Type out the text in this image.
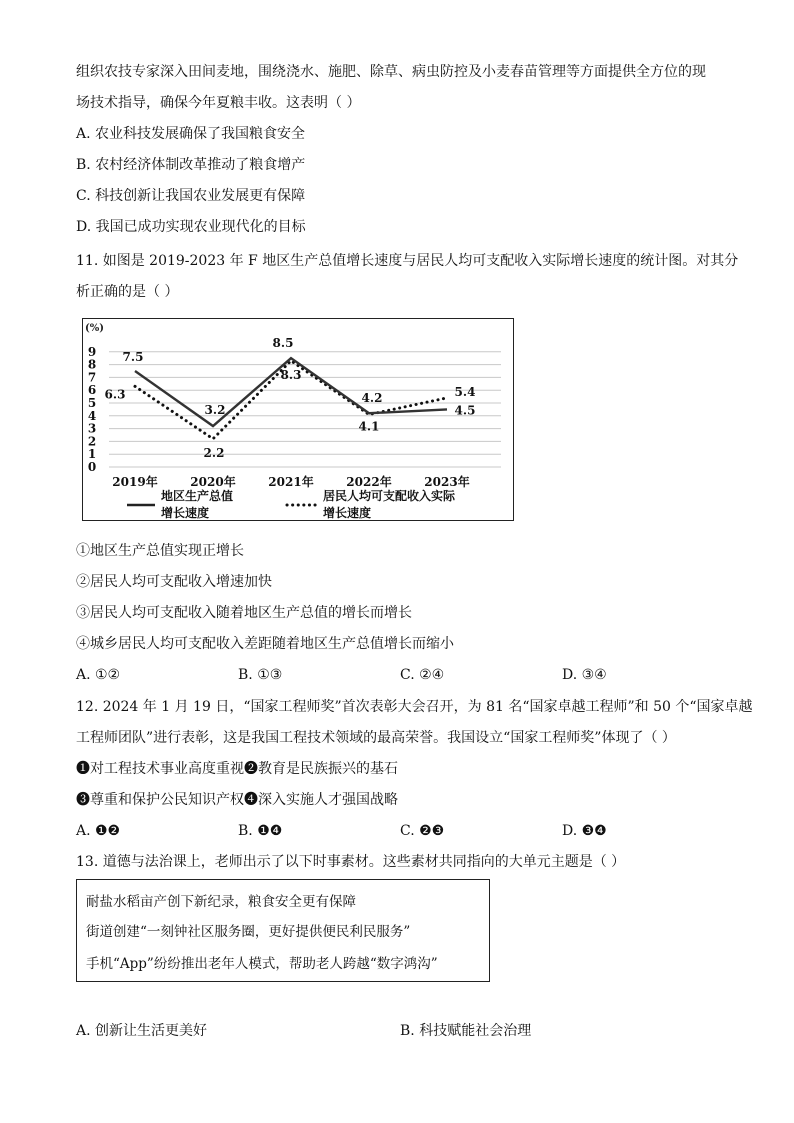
组织农技专家深入田间麦地，围绕浇水、施肥、除草、病虫防控及小麦春苗管理等方面提供全方位的现
场技术指导，确保今年夏粮丰收。这表明（ ）
A. 农业科技发展确保了我国粮食安全
B. 农村经济体制改革推动了粮食增产
C. 科技创新让我国农业发展更有保障
D. 我国已成功实现农业现代化的目标
11. 如图是 2019-2023 年 F 地区生产总值增长速度与居民人均可支配收入实际增长速度的统计图。对其分
析正确的是（ ）
(%)
0
1
2
3
4
5
6
7
8
9
2019年	2020年	2021年	2022年	2023年
7.5
3.2
8.5
4.2
4.5
6.3
2.2
8.3
4.1
5.4
地区生产总值
增长速度
居民人均可支配收入实际
增长速度
①地区生产总值实现正增长
②居民人均可支配收入增速加快
③居民人均可支配收入随着地区生产总值的增长而增长
④城乡居民人均可支配收入差距随着地区生产总值增长而缩小
A. ①②	B. ①③	C. ②④	D. ③④
12. 2024 年 1 月 19 日，“国家工程师奖”首次表彰大会召开，为 81 名“国家卓越工程师”和 50 个“国家卓越
工程师团队”进行表彰，这是我国工程技术领域的最高荣誉。我国设立“国家工程师奖”体现了（ ）
❶对工程技术事业高度重视❷教育是民族振兴的基石
❸尊重和保护公民知识产权❹深入实施人才强国战略
A. ❶❷	B. ❶❹	C. ❷❸	D. ❸❹
13. 道德与法治课上，老师出示了以下时事素材。这些素材共同指向的大单元主题是（ ）
耐盐水稻亩产创下新纪录，粮食安全更有保障
街道创建“一刻钟社区服务圈，更好提供便民利民服务”
手机“App”纷纷推出老年人模式，帮助老人跨越“数字鸿沟”
A. 创新让生活更美好	B. 科技赋能社会治理
